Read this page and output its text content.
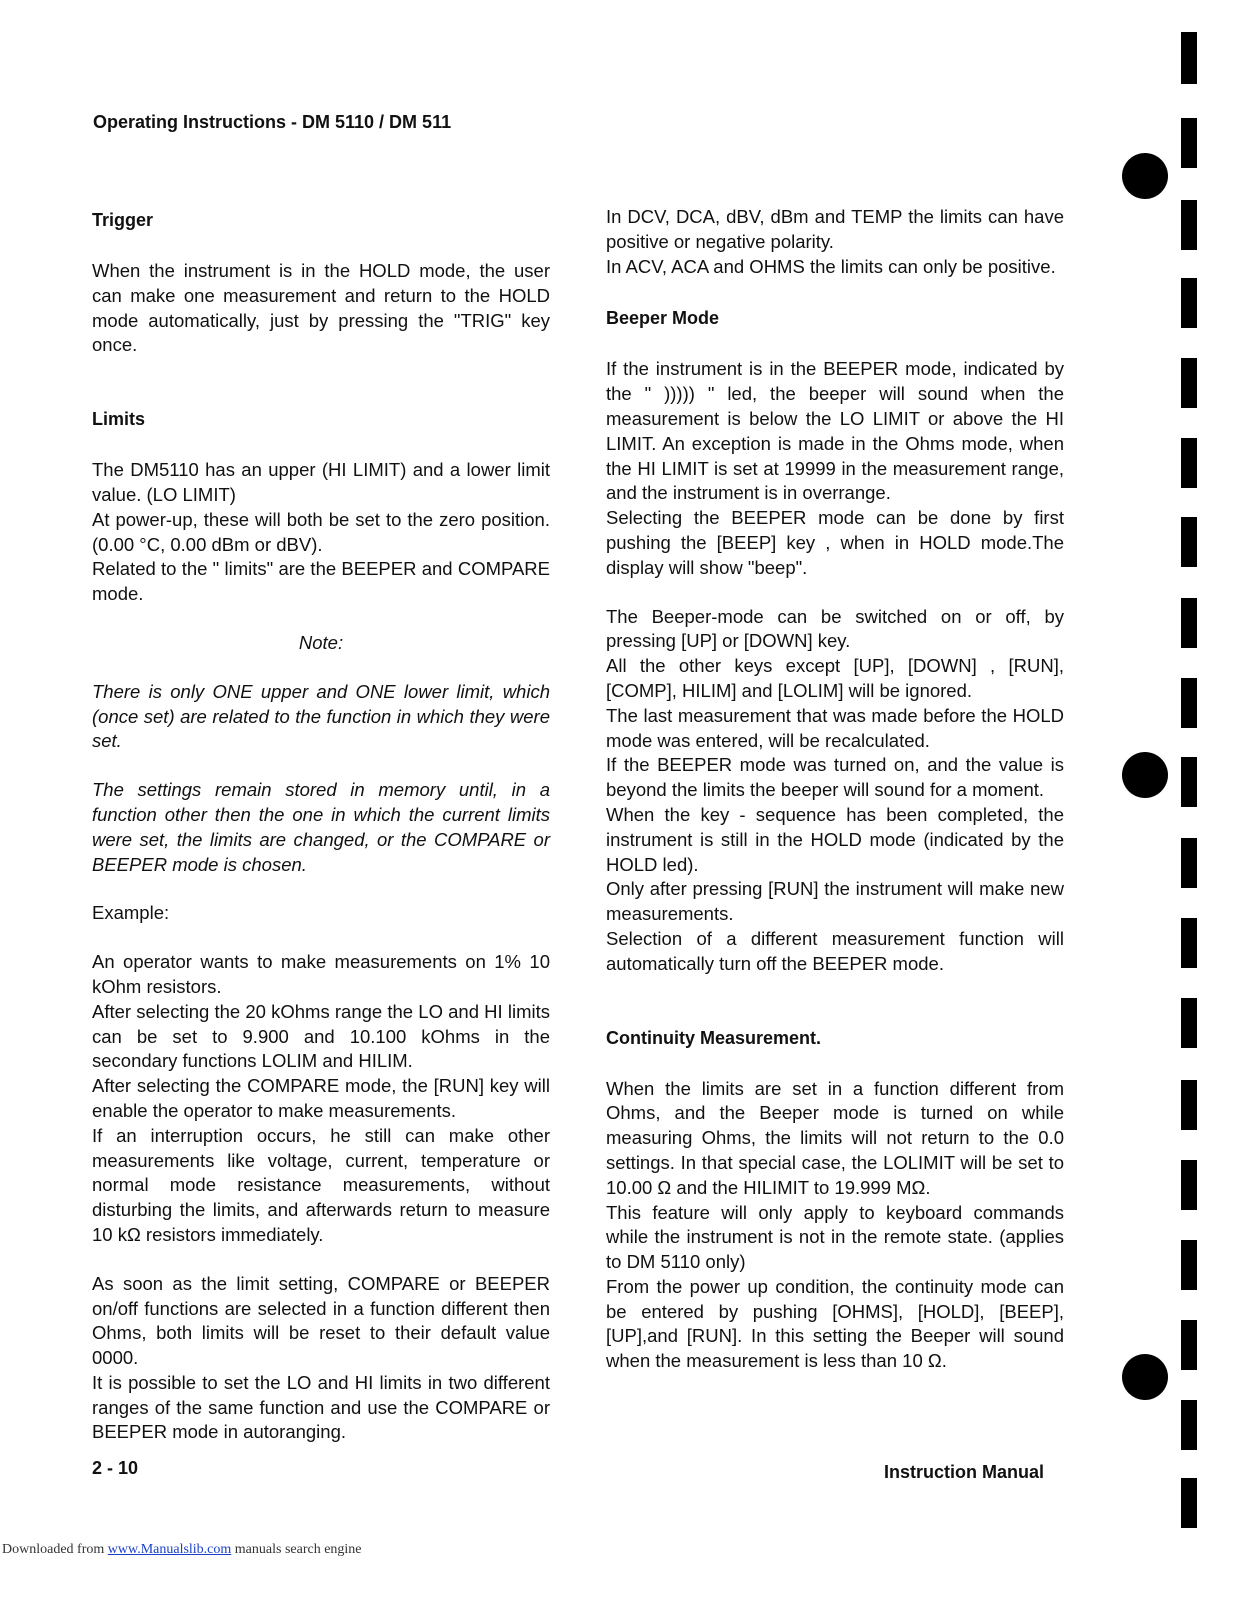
Operating Instructions - DM 5110 / DM 511
Trigger

When the instrument is in the HOLD mode, the user can make one measurement and return to the HOLD mode automatically, just by pressing the "TRIG" key once.

Limits

The DM5110 has an upper (HI LIMIT) and a lower limit value. (LO LIMIT)

At power-up, these will both be set to the zero position. (0.00 °C, 0.00 dBm or dBV).

Related to the " limits" are the BEEPER and COMPARE mode.

Note:

There is only ONE upper and ONE lower limit, which (once set) are related to the function in which they were set.

The settings remain stored in memory until, in a function other then the one in which the current limits were set, the limits are changed, or the COMPARE or BEEPER mode is chosen.

Example:

An operator wants to make measurements on 1% 10 kOhm resistors.

After selecting the 20 kOhms range the LO and HI limits can be set to 9.900 and 10.100 kOhms in the secondary functions LOLIM and HILIM.

After selecting the COMPARE mode, the [RUN] key will enable the operator to make measurements.

If an interruption occurs, he still can make other measurements like voltage, current, temperature or normal mode resistance measurements, without disturbing the limits, and afterwards return to measure 10 kΩ resistors immediately.

As soon as the limit setting, COMPARE or BEEPER on/off functions are selected in a function different then Ohms, both limits will be reset to their default value 0000.

It is possible to set the LO and HI limits in two different ranges of the same function and use the COMPARE or BEEPER mode in autoranging.

In DCV, DCA, dBV, dBm and TEMP the limits can have positive or negative polarity.

In ACV, ACA and OHMS the limits can only be positive.

Beeper Mode

If the instrument is in the BEEPER mode, indicated by the " ))))) " led, the beeper will sound when the measurement is below the LO LIMIT or above the HI LIMIT. An exception is made in the Ohms mode, when the HI LIMIT is set at 19999 in the measurement range, and the instrument is in overrange.

Selecting the BEEPER mode can be done by first pushing the [BEEP] key , when in HOLD mode.The display will show "beep".

The Beeper-mode can be switched on or off, by pressing [UP] or [DOWN] key.

All the other keys except [UP], [DOWN] , [RUN], [COMP], HILIM] and [LOLIM] will be ignored.

The last measurement that was made before the HOLD mode was entered, will be recalculated.

If the BEEPER mode was turned on, and the value is beyond the limits the beeper will sound for a moment.

When the key - sequence has been completed, the instrument is still in the HOLD mode (indicated by the HOLD led).

Only after pressing [RUN] the instrument will make new measurements.

Selection of a different measurement function will automatically turn off the BEEPER mode.

Continuity Measurement.

When the limits are set in a function different from Ohms, and the Beeper mode is turned on while measuring Ohms, the limits will not return to the 0.0 settings. In that special case, the LOLIMIT will be set to 10.00 Ω and the HILIMIT to 19.999 MΩ.

This feature will only apply to keyboard commands while the instrument is not in the remote state. (applies to DM 5110 only)

From the power up condition, the continuity mode can be entered by pushing [OHMS], [HOLD], [BEEP], [UP],and [RUN]. In this setting the Beeper will sound when the measurement is less than 10 Ω.

2 - 10	Instruction Manual
Downloaded from www.Manualslib.com manuals search engine
